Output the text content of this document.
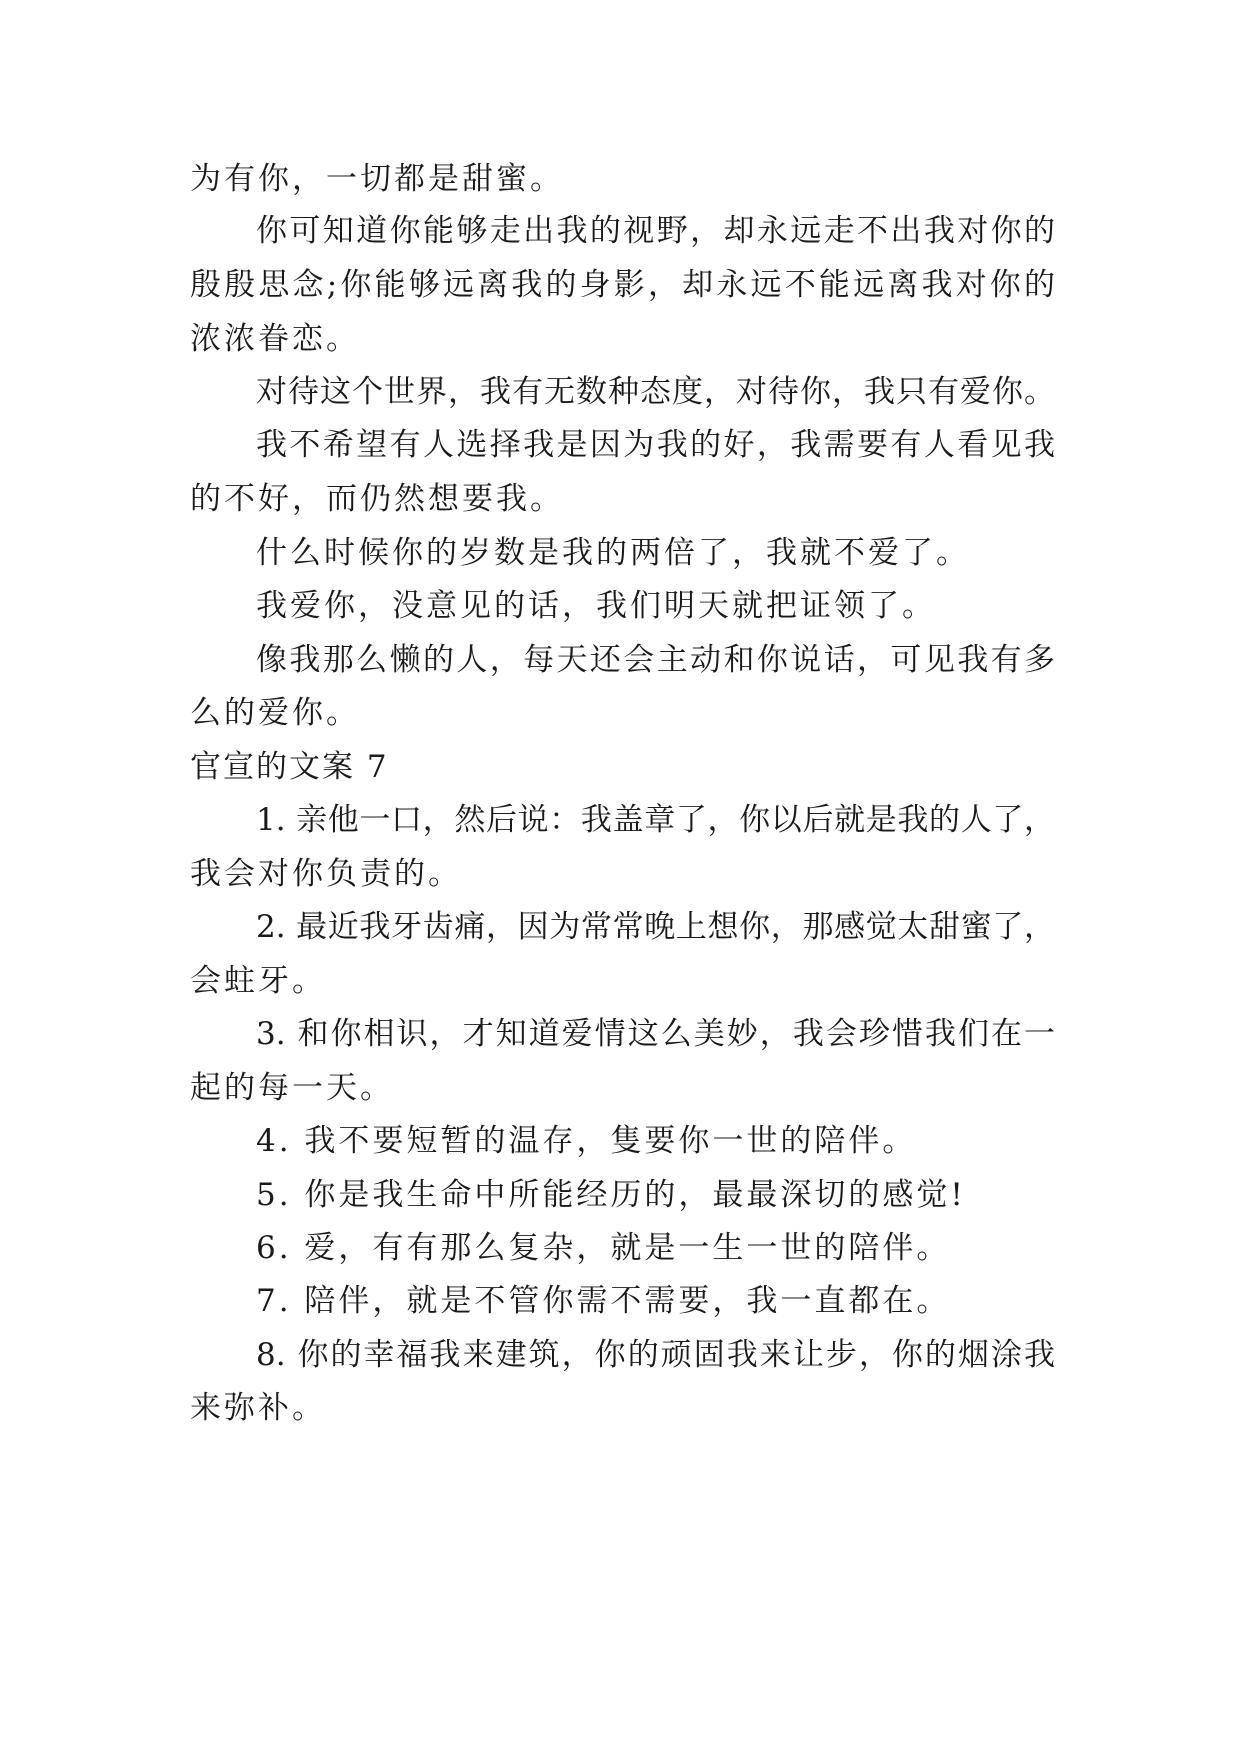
为有你，一切都是甜蜜。
你可知道你能够走出我的视野，却永远走不出我对你的
殷殷思念;你能够远离我的身影，却永远不能远离我对你的
浓浓眷恋。
对待这个世界，我有无数种态度，对待你，我只有爱你。
我不希望有人选择我是因为我的好，我需要有人看见我
的不好，而仍然想要我。
什么时候你的岁数是我的两倍了，我就不爱了。
我爱你，没意见的话，我们明天就把证领了。
像我那么懒的人，每天还会主动和你说话，可见我有多
么的爱你。
官宣的文案 7
1. 亲他一口，然后说：我盖章了，你以后就是我的人了，
我会对你负责的。
2. 最近我牙齿痛，因为常常晚上想你，那感觉太甜蜜了，
会蛀牙。
3. 和你相识，才知道爱情这么美妙，我会珍惜我们在一
起的每一天。
4. 我不要短暂的温存，隻要你一世的陪伴。
5. 你是我生命中所能经历的，最最深切的感觉!
6. 爱，有有那么复杂，就是一生一世的陪伴。
7. 陪伴，就是不管你需不需要，我一直都在。
8. 你的幸福我来建筑，你的顽固我来让步，你的烟涂我
来弥补。
